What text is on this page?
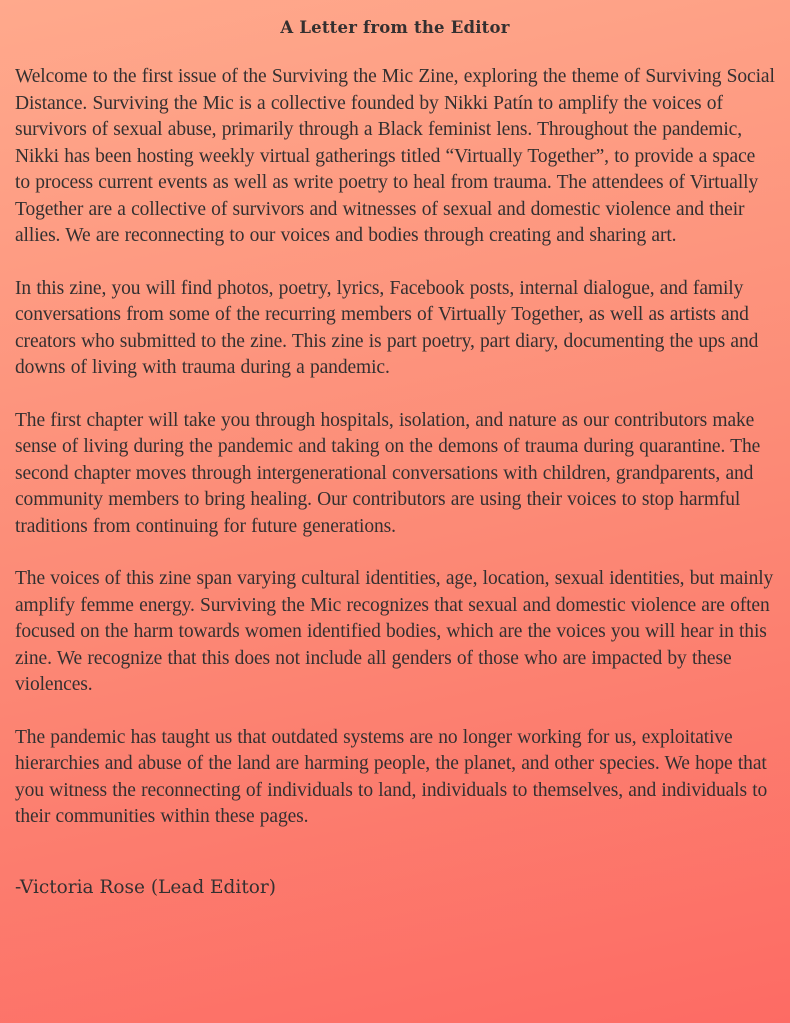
A Letter from the Editor

Welcome to the first issue of the Surviving the Mic Zine, exploring the theme of Surviving Social Distance. Surviving the Mic is a collective founded by Nikki Patín to amplify the voices of survivors of sexual abuse, primarily through a Black feminist lens. Throughout the pandemic, Nikki has been hosting weekly virtual gatherings titled “Virtually Together”, to provide a space to process current events as well as write poetry to heal from trauma. The attendees of Virtually Together are a collective of survivors and witnesses of sexual and domestic violence and their allies. We are reconnecting to our voices and bodies through creating and sharing art.

In this zine, you will find photos, poetry, lyrics, Facebook posts, internal dialogue, and family conversations from some of the recurring members of Virtually Together, as well as artists and creators who submitted to the zine. This zine is part poetry, part diary, documenting the ups and downs of living with trauma during a pandemic.

The first chapter will take you through hospitals, isolation, and nature as our contributors make sense of living during the pandemic and taking on the demons of trauma during quarantine. The second chapter moves through intergenerational conversations with children, grandparents, and community members to bring healing. Our contributors are using their voices to stop harmful traditions from continuing for future generations.

The voices of this zine span varying cultural identities, age, location, sexual identities, but mainly amplify femme energy. Surviving the Mic recognizes that sexual and domestic violence are often focused on the harm towards women identified bodies, which are the voices you will hear in this zine. We recognize that this does not include all genders of those who are impacted by these violences.

The pandemic has taught us that outdated systems are no longer working for us, exploitative hierarchies and abuse of the land are harming people, the planet, and other species. We hope that you witness the reconnecting of individuals to land, individuals to themselves, and individuals to their communities within these pages.

-Victoria Rose (Lead Editor)
